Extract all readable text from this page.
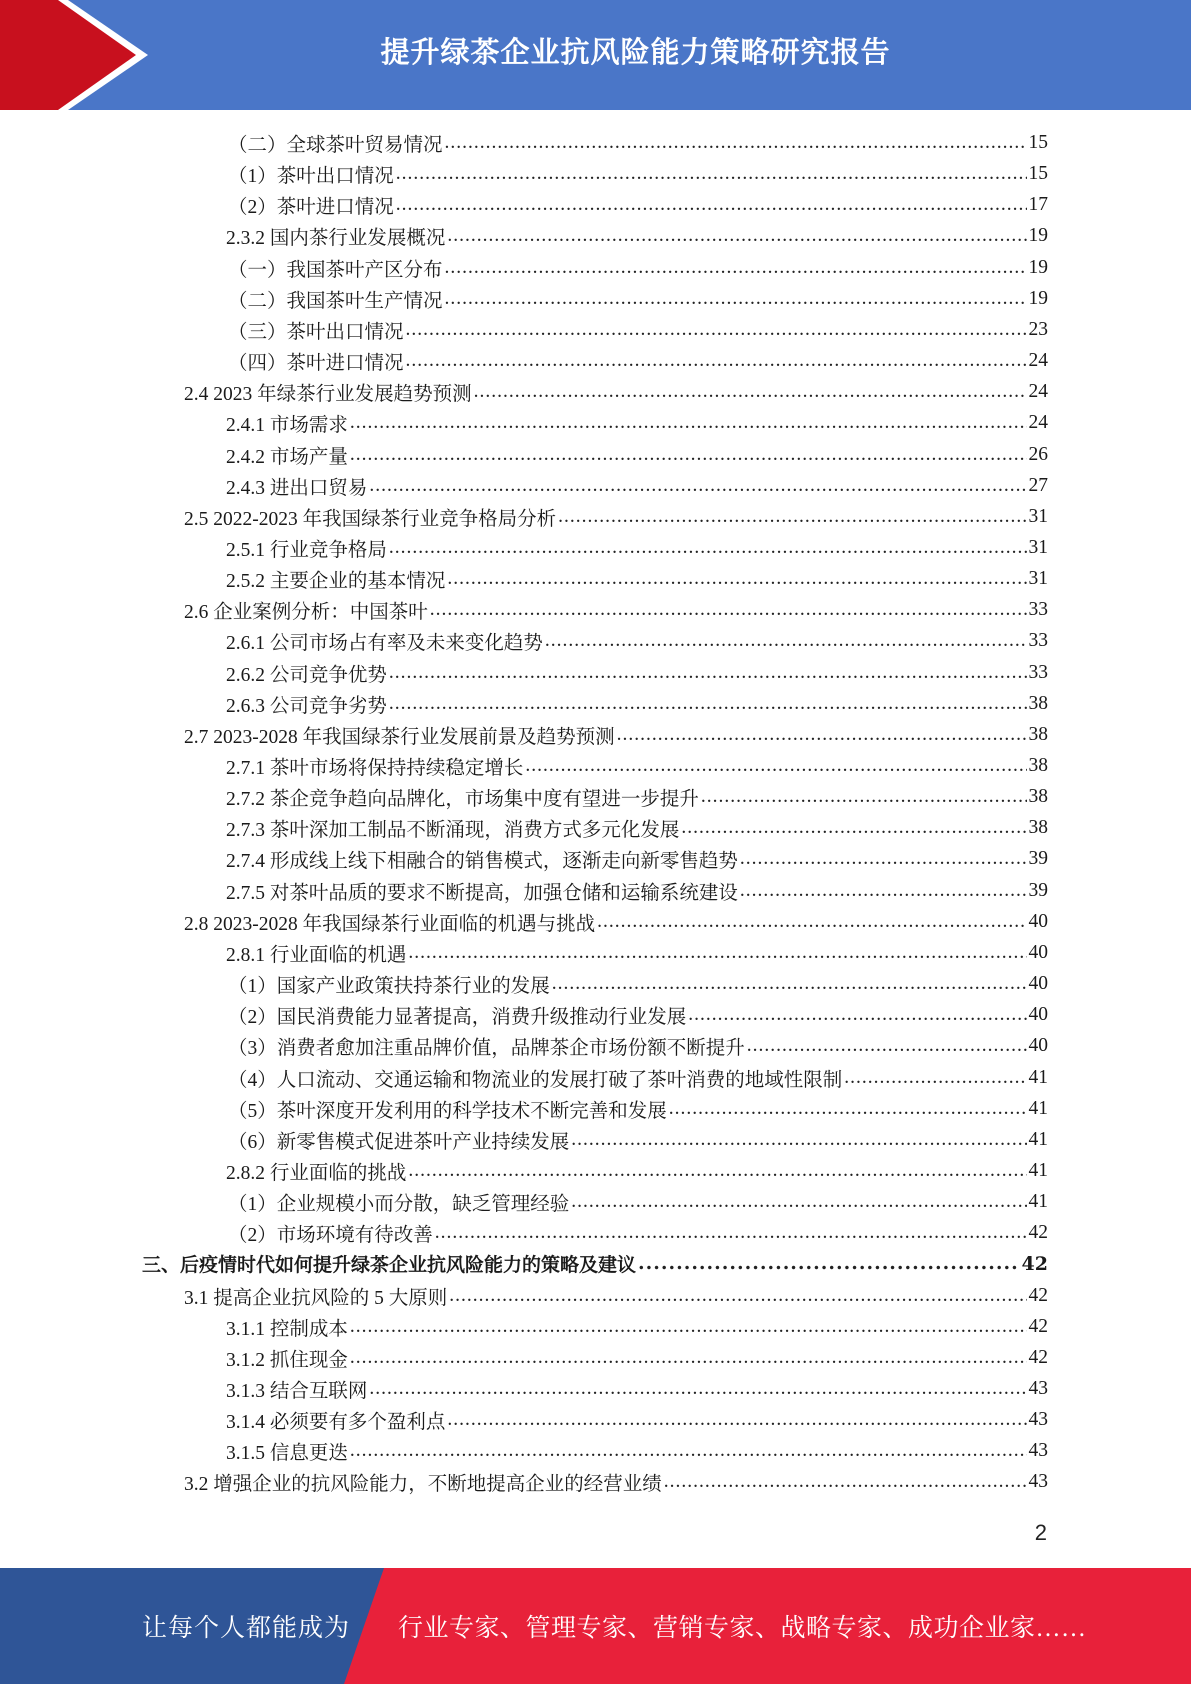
提升绿茶企业抗风险能力策略研究报告
（二）全球茶叶贸易情况 .....	15
（1）茶叶出口情况 .....	15
（2）茶叶进口情况 .....	17
2.3.2 国内茶行业发展概况 .....	19
（一）我国茶叶产区分布 .....	19
（二）我国茶叶生产情况 .....	19
（三）茶叶出口情况 .....	23
（四）茶叶进口情况 .....	24
2.4 2023 年绿茶行业发展趋势预测 .....	24
2.4.1 市场需求 .....	24
2.4.2 市场产量 .....	26
2.4.3 进出口贸易 .....	27
2.5 2022-2023 年我国绿茶行业竞争格局分析 .....	31
2.5.1 行业竞争格局 .....	31
2.5.2 主要企业的基本情况 .....	31
2.6 企业案例分析：中国茶叶 .....	33
2.6.1 公司市场占有率及未来变化趋势 .....	33
2.6.2 公司竞争优势 .....	33
2.6.3 公司竞争劣势 .....	38
2.7 2023-2028 年我国绿茶行业发展前景及趋势预测 .....	38
2.7.1 茶叶市场将保持持续稳定增长 .....	38
2.7.2 茶企竞争趋向品牌化，市场集中度有望进一步提升 .....	38
2.7.3 茶叶深加工制品不断涌现，消费方式多元化发展 .....	38
2.7.4 形成线上线下相融合的销售模式，逐渐走向新零售趋势 .....	39
2.7.5 对茶叶品质的要求不断提高，加强仓储和运输系统建设 .....	39
2.8 2023-2028 年我国绿茶行业面临的机遇与挑战 .....	40
2.8.1 行业面临的机遇 .....	40
（1）国家产业政策扶持茶行业的发展 .....	40
（2）国民消费能力显著提高，消费升级推动行业发展 .....	40
（3）消费者愈加注重品牌价值，品牌茶企市场份额不断提升 .....	40
（4）人口流动、交通运输和物流业的发展打破了茶叶消费的地域性限制 .....	41
（5）茶叶深度开发利用的科学技术不断完善和发展 .....	41
（6）新零售模式促进茶叶产业持续发展 .....	41
2.8.2 行业面临的挑战 .....	41
（1）企业规模小而分散，缺乏管理经验 .....	41
（2）市场环境有待改善 .....	42
三、后疫情时代如何提升绿茶企业抗风险能力的策略及建议 .....	42
3.1 提高企业抗风险的 5 大原则 .....	42
3.1.1 控制成本 .....	42
3.1.2 抓住现金 .....	42
3.1.3 结合互联网 .....	43
3.1.4 必须要有多个盈利点 .....	43
3.1.5 信息更迭 .....	43
3.2 增强企业的抗风险能力，不断地提高企业的经营业绩 .....	43
2
让每个人都能成为 行业专家、管理专家、营销专家、战略专家、成功企业家……
